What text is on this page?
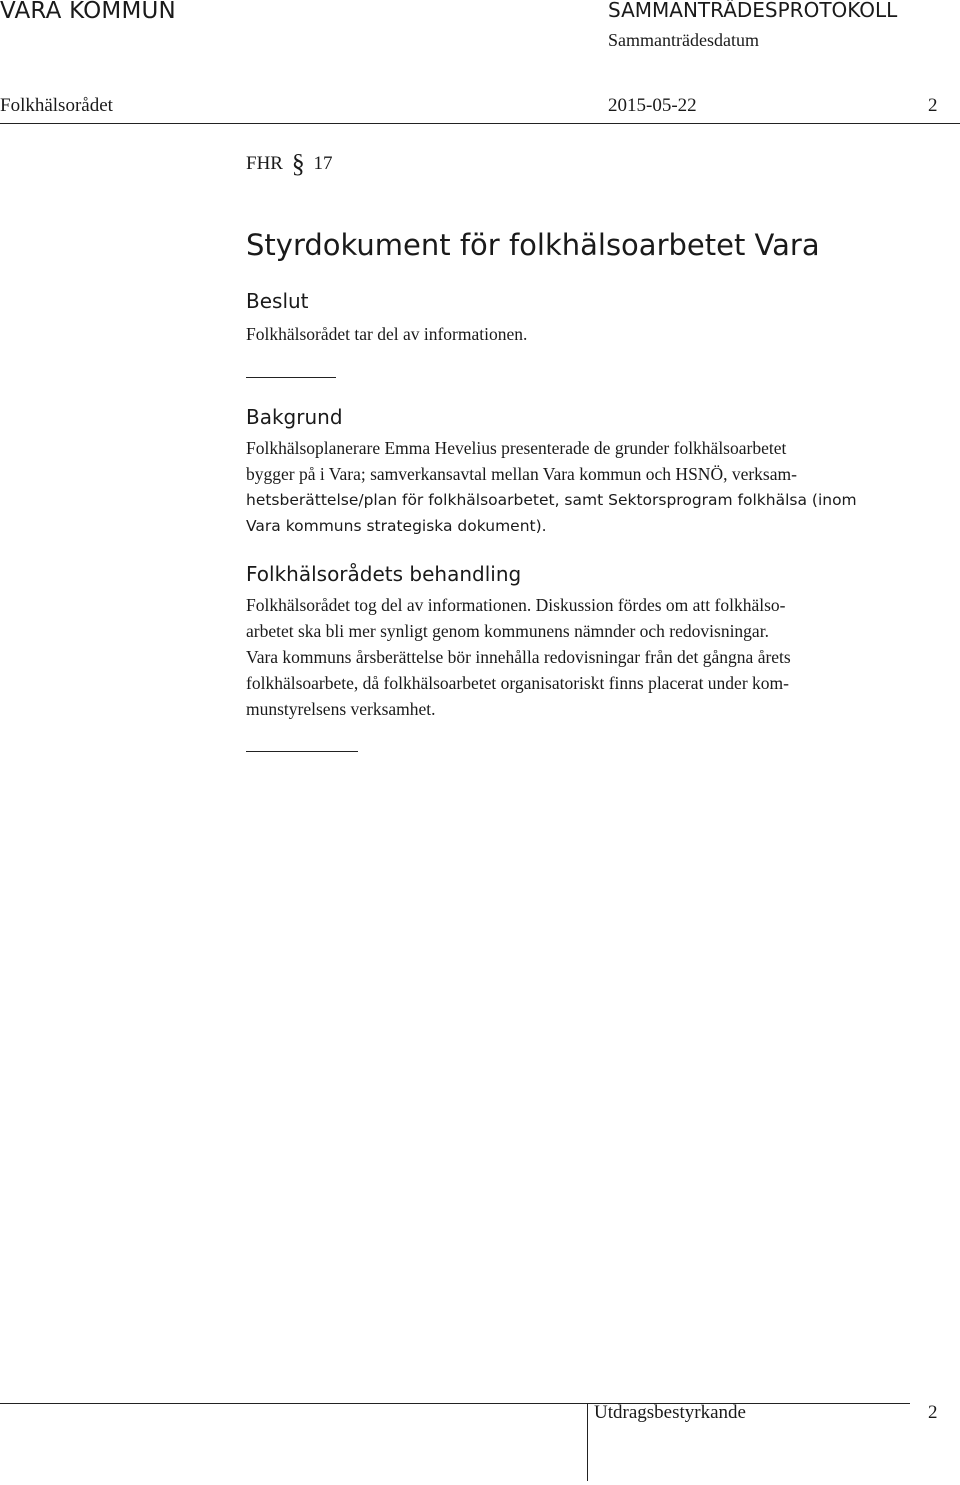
VARA KOMMUN	SAMMANTRÄDESPROTOKOLL
Sammanträdesdatum
Folkhälsorådet	2015-05-22	2
FHR § 17
Styrdokument för folkhälsoarbetet Vara
Beslut
Folkhälsorådet tar del av informationen.
Bakgrund
Folkhälsoplanerare Emma Hevelius presenterade de grunder folkhälsoarbetet
bygger på i Vara; samverkansavtal mellan Vara kommun och HSNÖ, verksam-
hetsberättelse/plan för folkhälsoarbetet, samt Sektorsprogram folkhälsa (inom
Vara kommuns strategiska dokument).
Folkhälsorådets behandling
Folkhälsorådet tog del av informationen. Diskussion fördes om att folkhälso-
arbetet ska bli mer synligt genom kommunens nämnder och redovisningar.
Vara kommuns årsberättelse bör innehålla redovisningar från det gångna årets
folkhälsoarbete, då folkhälsoarbetet organisatoriskt finns placerat under kom-
munstyrelsens verksamhet.
Utdragsbestyrkande	2
